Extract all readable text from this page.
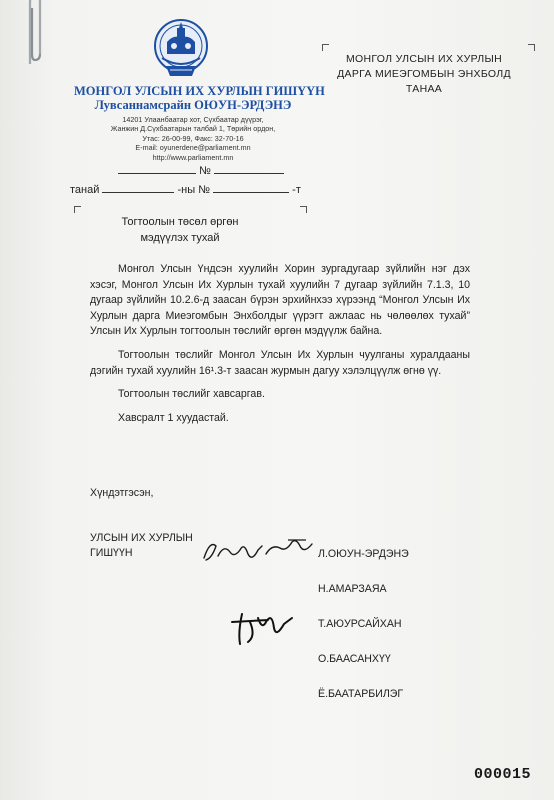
МОНГОЛ УЛСЫН ИХ ХУРЛЫН ГИШҮҮН
Лувсаннамсрайн ОЮУН-ЭРДЭНЭ
14201 Улаанбаатар хот, Сүхбаатар дүүрэг,
Жанжин Д.Сүхбаатарын талбай 1, Төрийн ордон,
Утас: 26-00-99, Факс: 32-70-16
E-mail: oyunerdene@parliament.mn
http://www.parliament.mn
МОНГОЛ УЛСЫН ИХ ХУРЛЫН
ДАРГА МИЕЭГОМБЫН ЭНХБОЛД
ТАНАА
№
танай	-ны №	-т
Тогтоолын төсөл өргөн
мэдүүлэх тухай

Монгол Улсын Үндсэн хуулийн Хорин зургадугаар зүйлийн нэг дэх хэсэг, Монгол Улсын Их Хурлын тухай хуулийн 7 дугаар зүйлийн 7.1.3, 10 дугаар зүйлийн 10.2.6-д заасан бүрэн эрхийнхээ хүрээнд “Монгол Улсын Их Хурлын дарга Миеэгомбын Энхболдыг үүрэгт ажлаас нь чөлөөлөх тухай” Улсын Их Хурлын тогтоолын төслийг өргөн мэдүүлж байна.

Тогтоолын төслийг Монгол Улсын Их Хурлын чуулганы хуралдааны дэгийн тухай хуулийн 16¹.3-т заасан журмын дагуу хэлэлцүүлж өгнө үү.

Тогтоолын төслийг хавсаргав.

Хавсралт 1 хуудастай.

Хүндэтгэсэн,
УЛСЫН ИХ ХУРЛЫН
ГИШҮҮН	Л.ОЮУН-ЭРДЭНЭ
Н.АМАРЗАЯА
Т.АЮУРСАЙХАН
О.БААСАНХҮҮ
Ё.БААТАРБИЛЭГ
000015
